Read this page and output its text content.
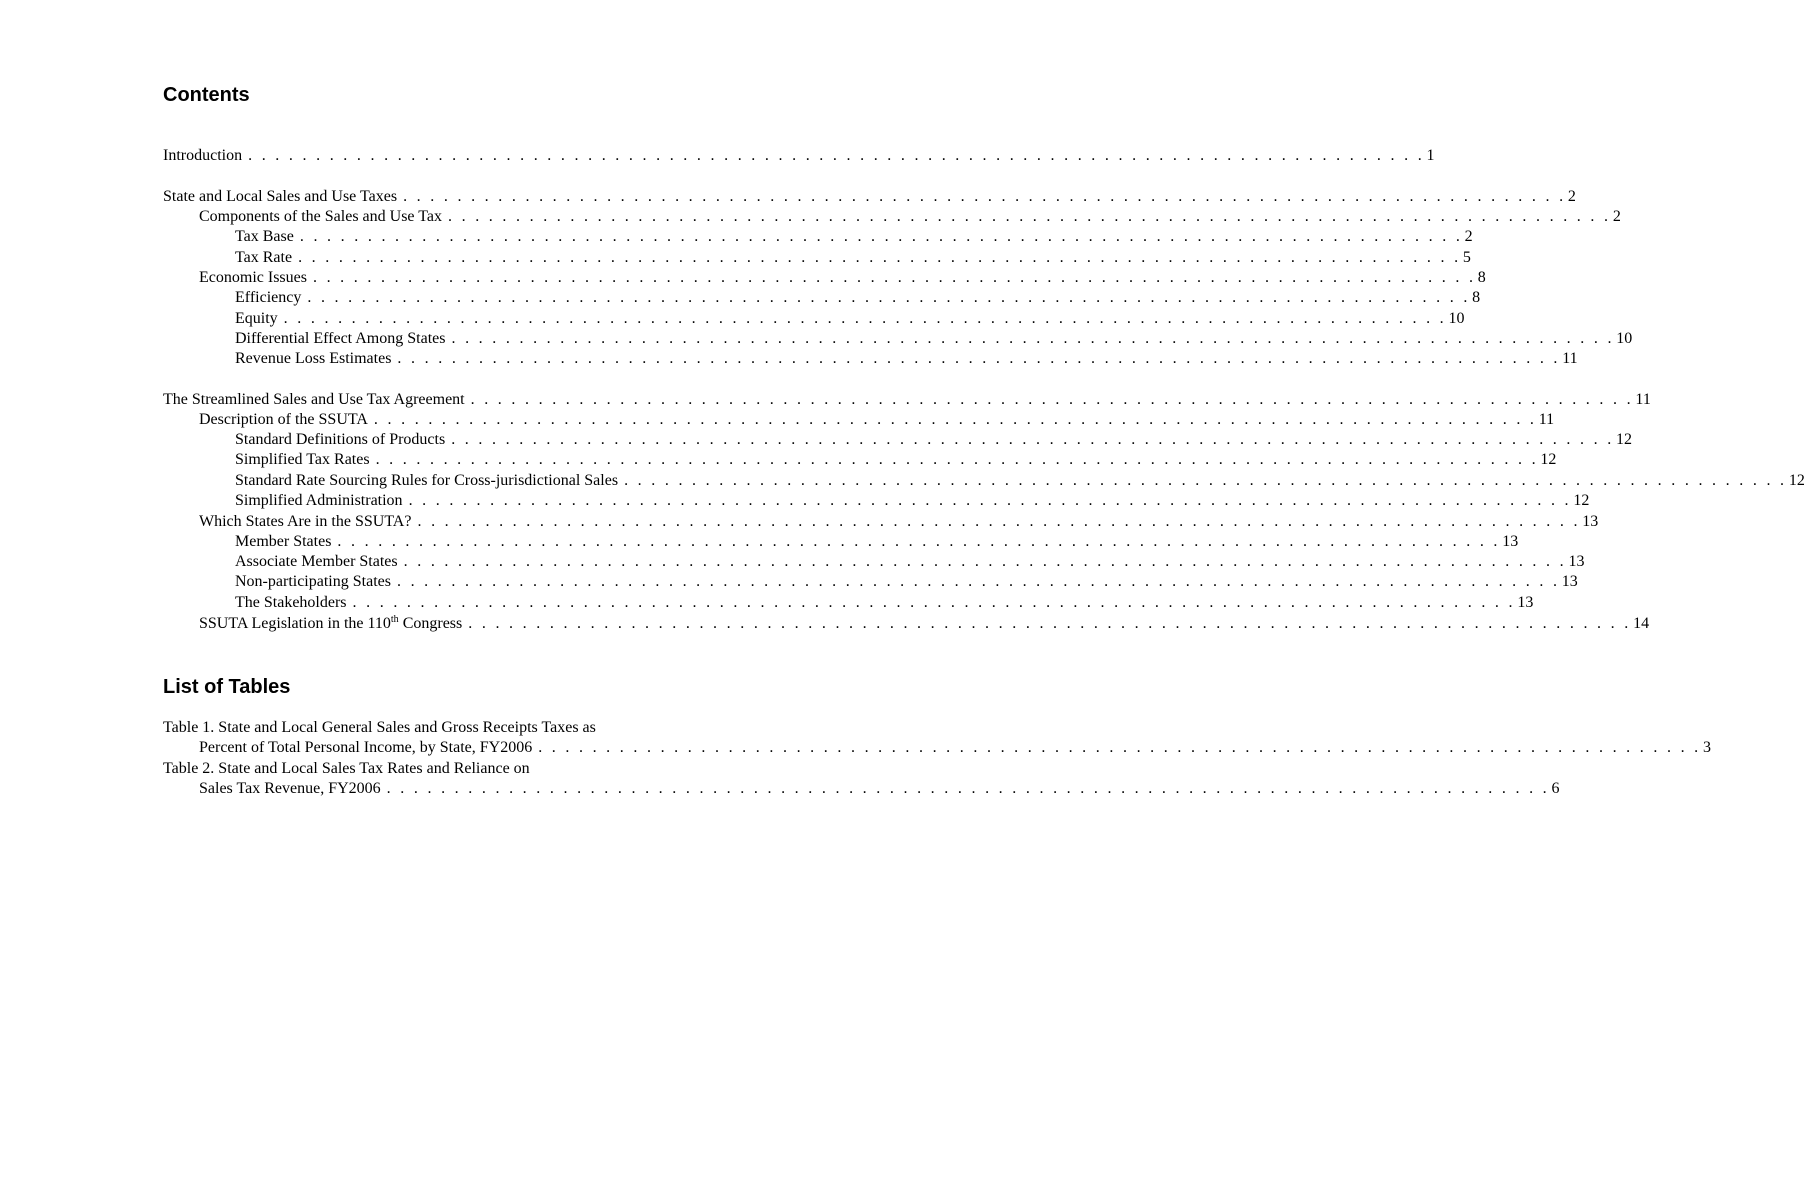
Contents
Introduction . . . . . . . . . . . . . . . . . . . . . . . . . . . . . . . . . . . . . . . . . . . . . . . . . . . . . . . . . . . . . . . . . . . . . . . . . . . . . . . . . . . . . . . 1
State and Local Sales and Use Taxes . . . . . . . . . . . . . . . . . . . . . . . . . . . . . . . . . . . . . . . . . . . . . . . . . . . . . . . . . . . . . . . . . . . . . . . . . . . . . . . . . . . . . . 2
Components of the Sales and Use Tax . . . . . . . . . . . . . . . . . . . . . . . . . . . . . . . . . . . . . . . . . . . . . . . . . . . . . . . . . . . . . . . . . . . . . . . . . . . . . . . . . . . . . . 2
Tax Base . . . . . . . . . . . . . . . . . . . . . . . . . . . . . . . . . . . . . . . . . . . . . . . . . . . . . . . . . . . . . . . . . . . . . . . . . . . . . . . . . . . . . . 2
Tax Rate . . . . . . . . . . . . . . . . . . . . . . . . . . . . . . . . . . . . . . . . . . . . . . . . . . . . . . . . . . . . . . . . . . . . . . . . . . . . . . . . . . . . . . 5
Economic Issues . . . . . . . . . . . . . . . . . . . . . . . . . . . . . . . . . . . . . . . . . . . . . . . . . . . . . . . . . . . . . . . . . . . . . . . . . . . . . . . . . . . . . . 8
Efficiency . . . . . . . . . . . . . . . . . . . . . . . . . . . . . . . . . . . . . . . . . . . . . . . . . . . . . . . . . . . . . . . . . . . . . . . . . . . . . . . . . . . . . . 8
Equity . . . . . . . . . . . . . . . . . . . . . . . . . . . . . . . . . . . . . . . . . . . . . . . . . . . . . . . . . . . . . . . . . . . . . . . . . . . . . . . . . . . . . . 10
Differential Effect Among States . . . . . . . . . . . . . . . . . . . . . . . . . . . . . . . . . . . . . . . . . . . . . . . . . . . . . . . . . . . . . . . . . . . . . . . . . . . . . . . . . . . . . . 10
Revenue Loss Estimates . . . . . . . . . . . . . . . . . . . . . . . . . . . . . . . . . . . . . . . . . . . . . . . . . . . . . . . . . . . . . . . . . . . . . . . . . . . . . . . . . . . . . . 11
The Streamlined Sales and Use Tax Agreement . . . . . . . . . . . . . . . . . . . . . . . . . . . . . . . . . . . . . . . . . . . . . . . . . . . . . . . . . . . . . . . . . . . . . . . . . . . . . . . . . . . . . . 11
Description of the SSUTA . . . . . . . . . . . . . . . . . . . . . . . . . . . . . . . . . . . . . . . . . . . . . . . . . . . . . . . . . . . . . . . . . . . . . . . . . . . . . . . . . . . . . . 11
Standard Definitions of Products . . . . . . . . . . . . . . . . . . . . . . . . . . . . . . . . . . . . . . . . . . . . . . . . . . . . . . . . . . . . . . . . . . . . . . . . . . . . . . . . . . . . . . 12
Simplified Tax Rates . . . . . . . . . . . . . . . . . . . . . . . . . . . . . . . . . . . . . . . . . . . . . . . . . . . . . . . . . . . . . . . . . . . . . . . . . . . . . . . . . . . . . . 12
Standard Rate Sourcing Rules for Cross-jurisdictional Sales . . . . . . . . . . . . . . . . . . . . . . . . . . . . . . . . . . . . . . . . . . . . . . . . . . . . . . . . . . . . . . . . . . . . . . . . . . . . . . . . . . . . . . 12
Simplified Administration . . . . . . . . . . . . . . . . . . . . . . . . . . . . . . . . . . . . . . . . . . . . . . . . . . . . . . . . . . . . . . . . . . . . . . . . . . . . . . . . . . . . . . 12
Which States Are in the SSUTA? . . . . . . . . . . . . . . . . . . . . . . . . . . . . . . . . . . . . . . . . . . . . . . . . . . . . . . . . . . . . . . . . . . . . . . . . . . . . . . . . . . . . . . 13
Member States . . . . . . . . . . . . . . . . . . . . . . . . . . . . . . . . . . . . . . . . . . . . . . . . . . . . . . . . . . . . . . . . . . . . . . . . . . . . . . . . . . . . . . 13
Associate Member States . . . . . . . . . . . . . . . . . . . . . . . . . . . . . . . . . . . . . . . . . . . . . . . . . . . . . . . . . . . . . . . . . . . . . . . . . . . . . . . . . . . . . . 13
Non-participating States . . . . . . . . . . . . . . . . . . . . . . . . . . . . . . . . . . . . . . . . . . . . . . . . . . . . . . . . . . . . . . . . . . . . . . . . . . . . . . . . . . . . . . 13
The Stakeholders . . . . . . . . . . . . . . . . . . . . . . . . . . . . . . . . . . . . . . . . . . . . . . . . . . . . . . . . . . . . . . . . . . . . . . . . . . . . . . . . . . . . . . 13
SSUTA Legislation in the 110th Congress . . . . . . . . . . . . . . . . . . . . . . . . . . . . . . . . . . . . . . . . . . . . . . . . . . . . . . . . . . . . . . . . . . . . . . . . . . . . . . . . . . . . . . 14
List of Tables
Table 1. State and Local General Sales and Gross Receipts Taxes as
Percent of Total Personal Income, by State, FY2006 . . . . . . . . . . . . . . . . . . . . . . . . . . . . . . . . . . . . . . . . . . . . . . . . . . . . . . . . . . . . . . . . . . . . . . . . . . . . . . . . . . . . . . 3
Table 2. State and Local Sales Tax Rates and Reliance on
Sales Tax Revenue, FY2006 . . . . . . . . . . . . . . . . . . . . . . . . . . . . . . . . . . . . . . . . . . . . . . . . . . . . . . . . . . . . . . . . . . . . . . . . . . . . . . . . . . . . . . 6
